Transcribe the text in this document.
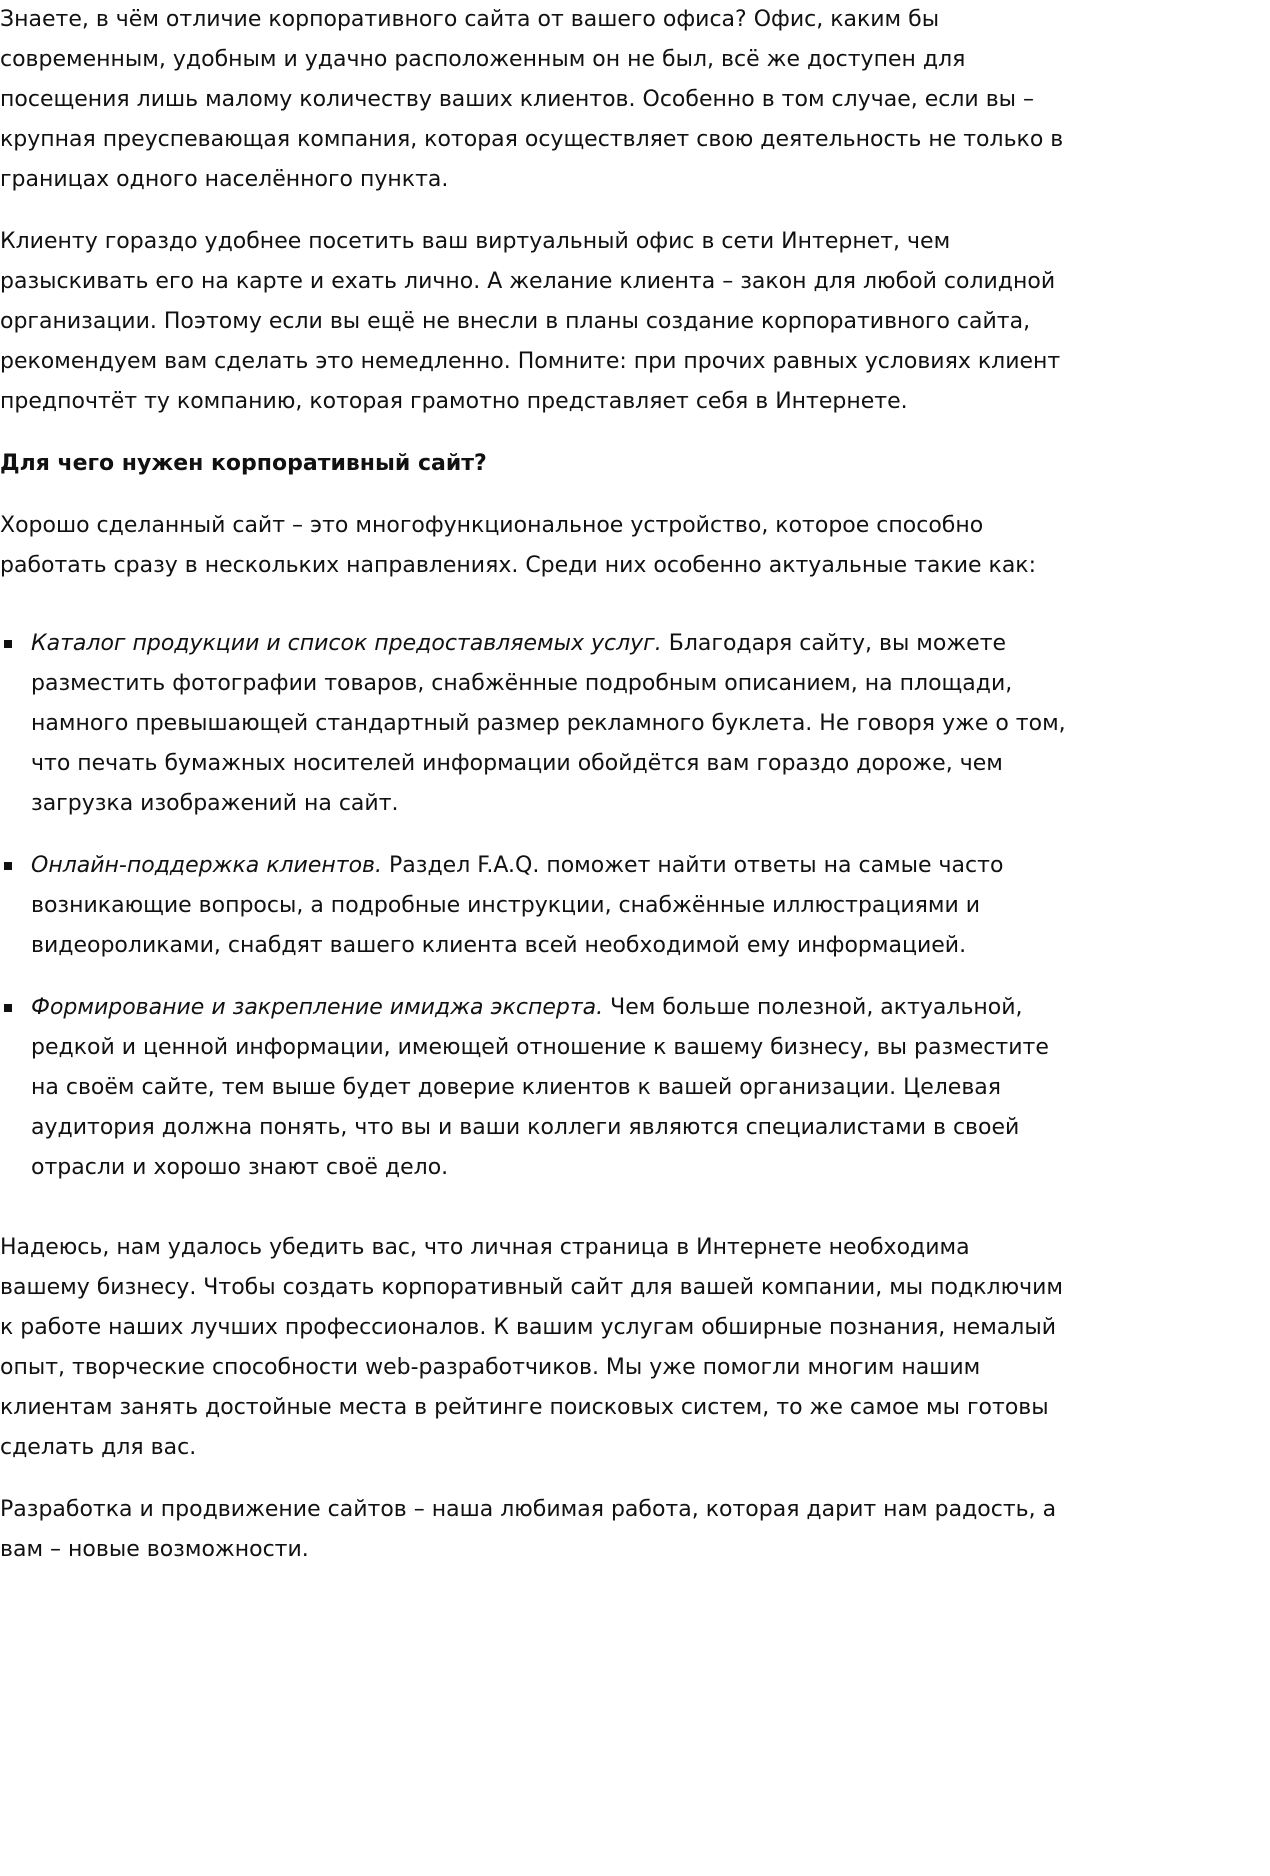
Знаете, в чём отличие корпоративного сайта от вашего офиса? Офис, каким бы современным, удобным и удачно расположенным он не был, всё же доступен для посещения лишь малому количеству ваших клиентов. Особенно в том случае, если вы – крупная преуспевающая компания, которая осуществляет свою деятельность не только в границах одного населённого пункта.

Клиенту гораздо удобнее посетить ваш виртуальный офис в сети Интернет, чем разыскивать его на карте и ехать лично. А желание клиента – закон для любой солидной организации. Поэтому если вы ещё не внесли в планы создание корпоративного сайта, рекомендуем вам сделать это немедленно. Помните: при прочих равных условиях клиент предпочтёт ту компанию, которая грамотно представляет себя в Интернете.

Для чего нужен корпоративный сайт?

Хорошо сделанный сайт – это многофункциональное устройство, которое способно работать сразу в нескольких направлениях. Среди них особенно актуальные такие как:

Каталог продукции и список предоставляемых услуг. Благодаря сайту, вы можете разместить фотографии товаров, снабжённые подробным описанием, на площади, намного превышающей стандартный размер рекламного буклета. Не говоря уже о том, что печать бумажных носителей информации обойдётся вам гораздо дороже, чем загрузка изображений на сайт.
Онлайн-поддержка клиентов. Раздел F.A.Q. поможет найти ответы на самые часто возникающие вопросы, а подробные инструкции, снабжённые иллюстрациями и видеороликами, снабдят вашего клиента всей необходимой ему информацией.
Формирование и закрепление имиджа эксперта. Чем больше полезной, актуальной, редкой и ценной информации, имеющей отношение к вашему бизнесу, вы разместите на своём сайте, тем выше будет доверие клиентов к вашей организации. Целевая аудитория должна понять, что вы и ваши коллеги являются специалистами в своей отрасли и хорошо знают своё дело.

Надеюсь, нам удалось убедить вас, что личная страница в Интернете необходима вашему бизнесу. Чтобы создать корпоративный сайт для вашей компании, мы подключим к работе наших лучших профессионалов. К вашим услугам обширные познания, немалый опыт, творческие способности web-разработчиков. Мы уже помогли многим нашим клиентам занять достойные места в рейтинге поисковых систем, то же самое мы готовы сделать для вас.

Разработка и продвижение сайтов – наша любимая работа, которая дарит нам радость, а вам – новые возможности.
